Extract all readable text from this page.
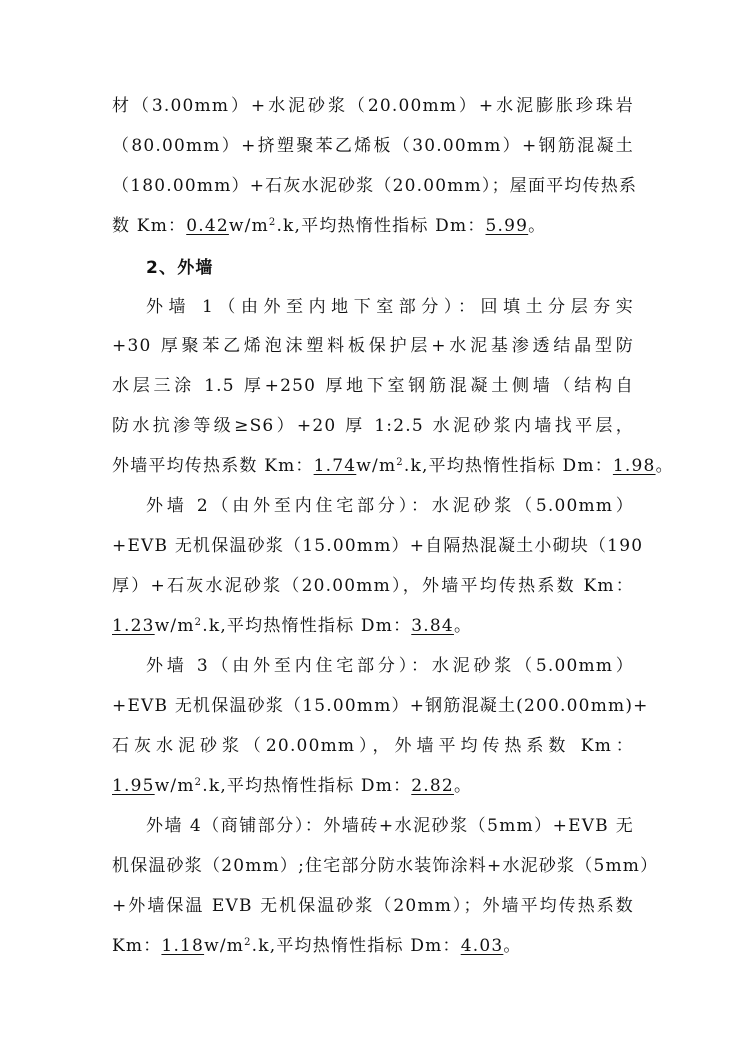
材（3.00mm）+水泥砂浆（20.00mm）+水泥膨胀珍珠岩
（80.00mm）+挤塑聚苯乙烯板（30.00mm）+钢筋混凝土
（180.00mm）+石灰水泥砂浆（20.00mm）；屋面平均传热系
数 Km：$0.42w/m^2.k$,平均热惰性指标 Dm：5.99。
2、外墙
外墙 1（由外至内地下室部分）：回填土分层夯实
+30 厚聚苯乙烯泡沫塑料板保护层+水泥基渗透结晶型防
水层三涂 1.5 厚+250 厚地下室钢筋混凝土侧墙（结构自
防水抗渗等级≥S6）+20 厚 1:2.5 水泥砂浆内墙找平层，
外墙平均传热系数 Km：$1.74w/m^2.k$,平均热惰性指标 Dm：1.98。
外墙 2（由外至内住宅部分）：水泥砂浆（5.00mm）
+EVB 无机保温砂浆（15.00mm）+自隔热混凝土小砌块（190
厚）+石灰水泥砂浆（20.00mm），外墙平均传热系数 Km：
$1.23w/m^2.k$,平均热惰性指标 Dm：3.84。
外墙 3（由外至内住宅部分）：水泥砂浆（5.00mm）
+EVB 无机保温砂浆（15.00mm）+钢筋混凝土(200.00mm)+
石灰水泥砂浆（20.00mm），外墙平均传热系数 Km：
$1.95w/m^2.k$,平均热惰性指标 Dm：2.82。
外墙 4（商铺部分）：外墙砖+水泥砂浆（5mm）+EVB 无
机保温砂浆（20mm）;住宅部分防水装饰涂料+水泥砂浆（5mm）
+外墙保温 EVB 无机保温砂浆（20mm）；外墙平均传热系数
Km：$1.18w/m^2.k$,平均热惰性指标 Dm：4.03。
